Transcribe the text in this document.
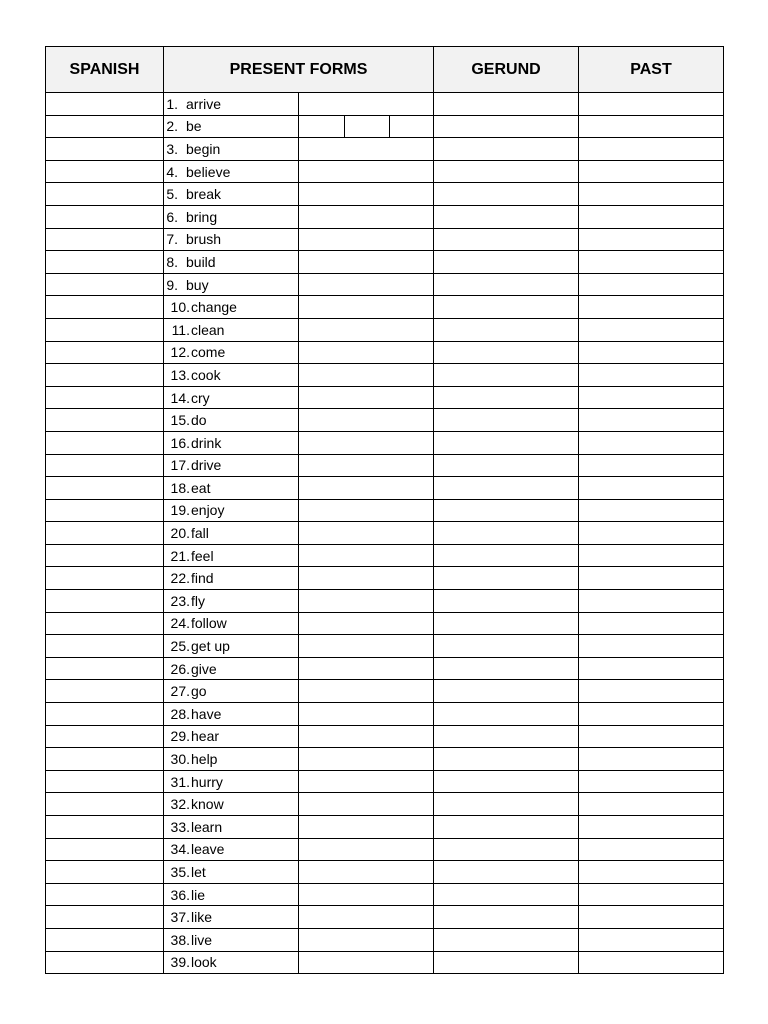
SPANISH	PRESENT FORMS		GERUND	PAST
	1. arrive			
	2. be	

	3. begin			
	4. believe			
	5. break			
	6. bring			
	7. brush			
	8. build			
	9. buy			
	10.change			
	11.clean			
	12.come			
	13.cook			
	14.cry			
	15.do			
	16.drink			
	17.drive			
	18.eat			
	19.enjoy			
	20.fall			
	21.feel			
	22.find			
	23.fly			
	24.follow			
	25.get up			
	26.give			
	27.go			
	28.have			
	29.hear			
	30.help			
	31.hurry			
	32.know			
	33.learn			
	34.leave			
	35.let			
	36.lie			
	37.like			
	38.live			
	39.look			
